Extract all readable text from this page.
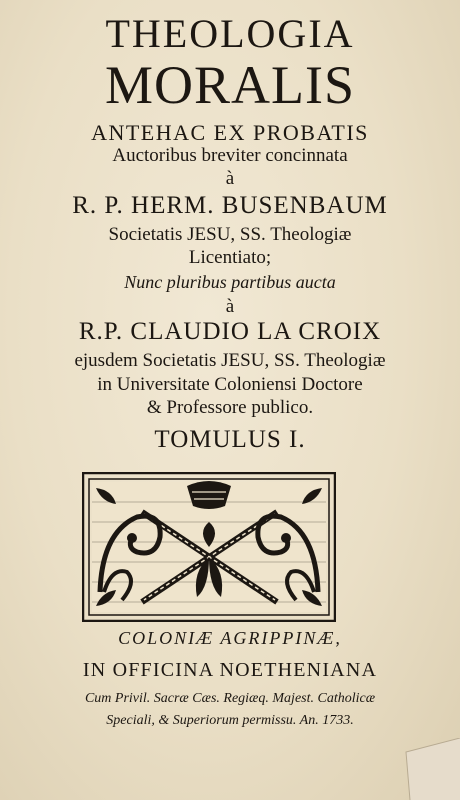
THEOLOGIA
MORALIS
ANTEHAC EX PROBATIS
Auctoribus breviter concinnata
à
R. P. HERM. BUSENBAUM
Societatis JESU, SS. Theologiæ
Licentiato;
Nunc pluribus partibus aucta
à
R.P. CLAUDIO LA CROIX
ejusdem Societatis JESU, SS. Theologiæ
in Universitate Coloniensi Doctore
& Professore publico.
TOMULUS I.
COLONIÆ AGRIPPINÆ,
IN OFFICINA NOETHENIANA
Cum Privil. Sacræ Cæs. Regiæq. Majest. Catholicæ
Speciali, & Superiorum permissu. An. 1733.
